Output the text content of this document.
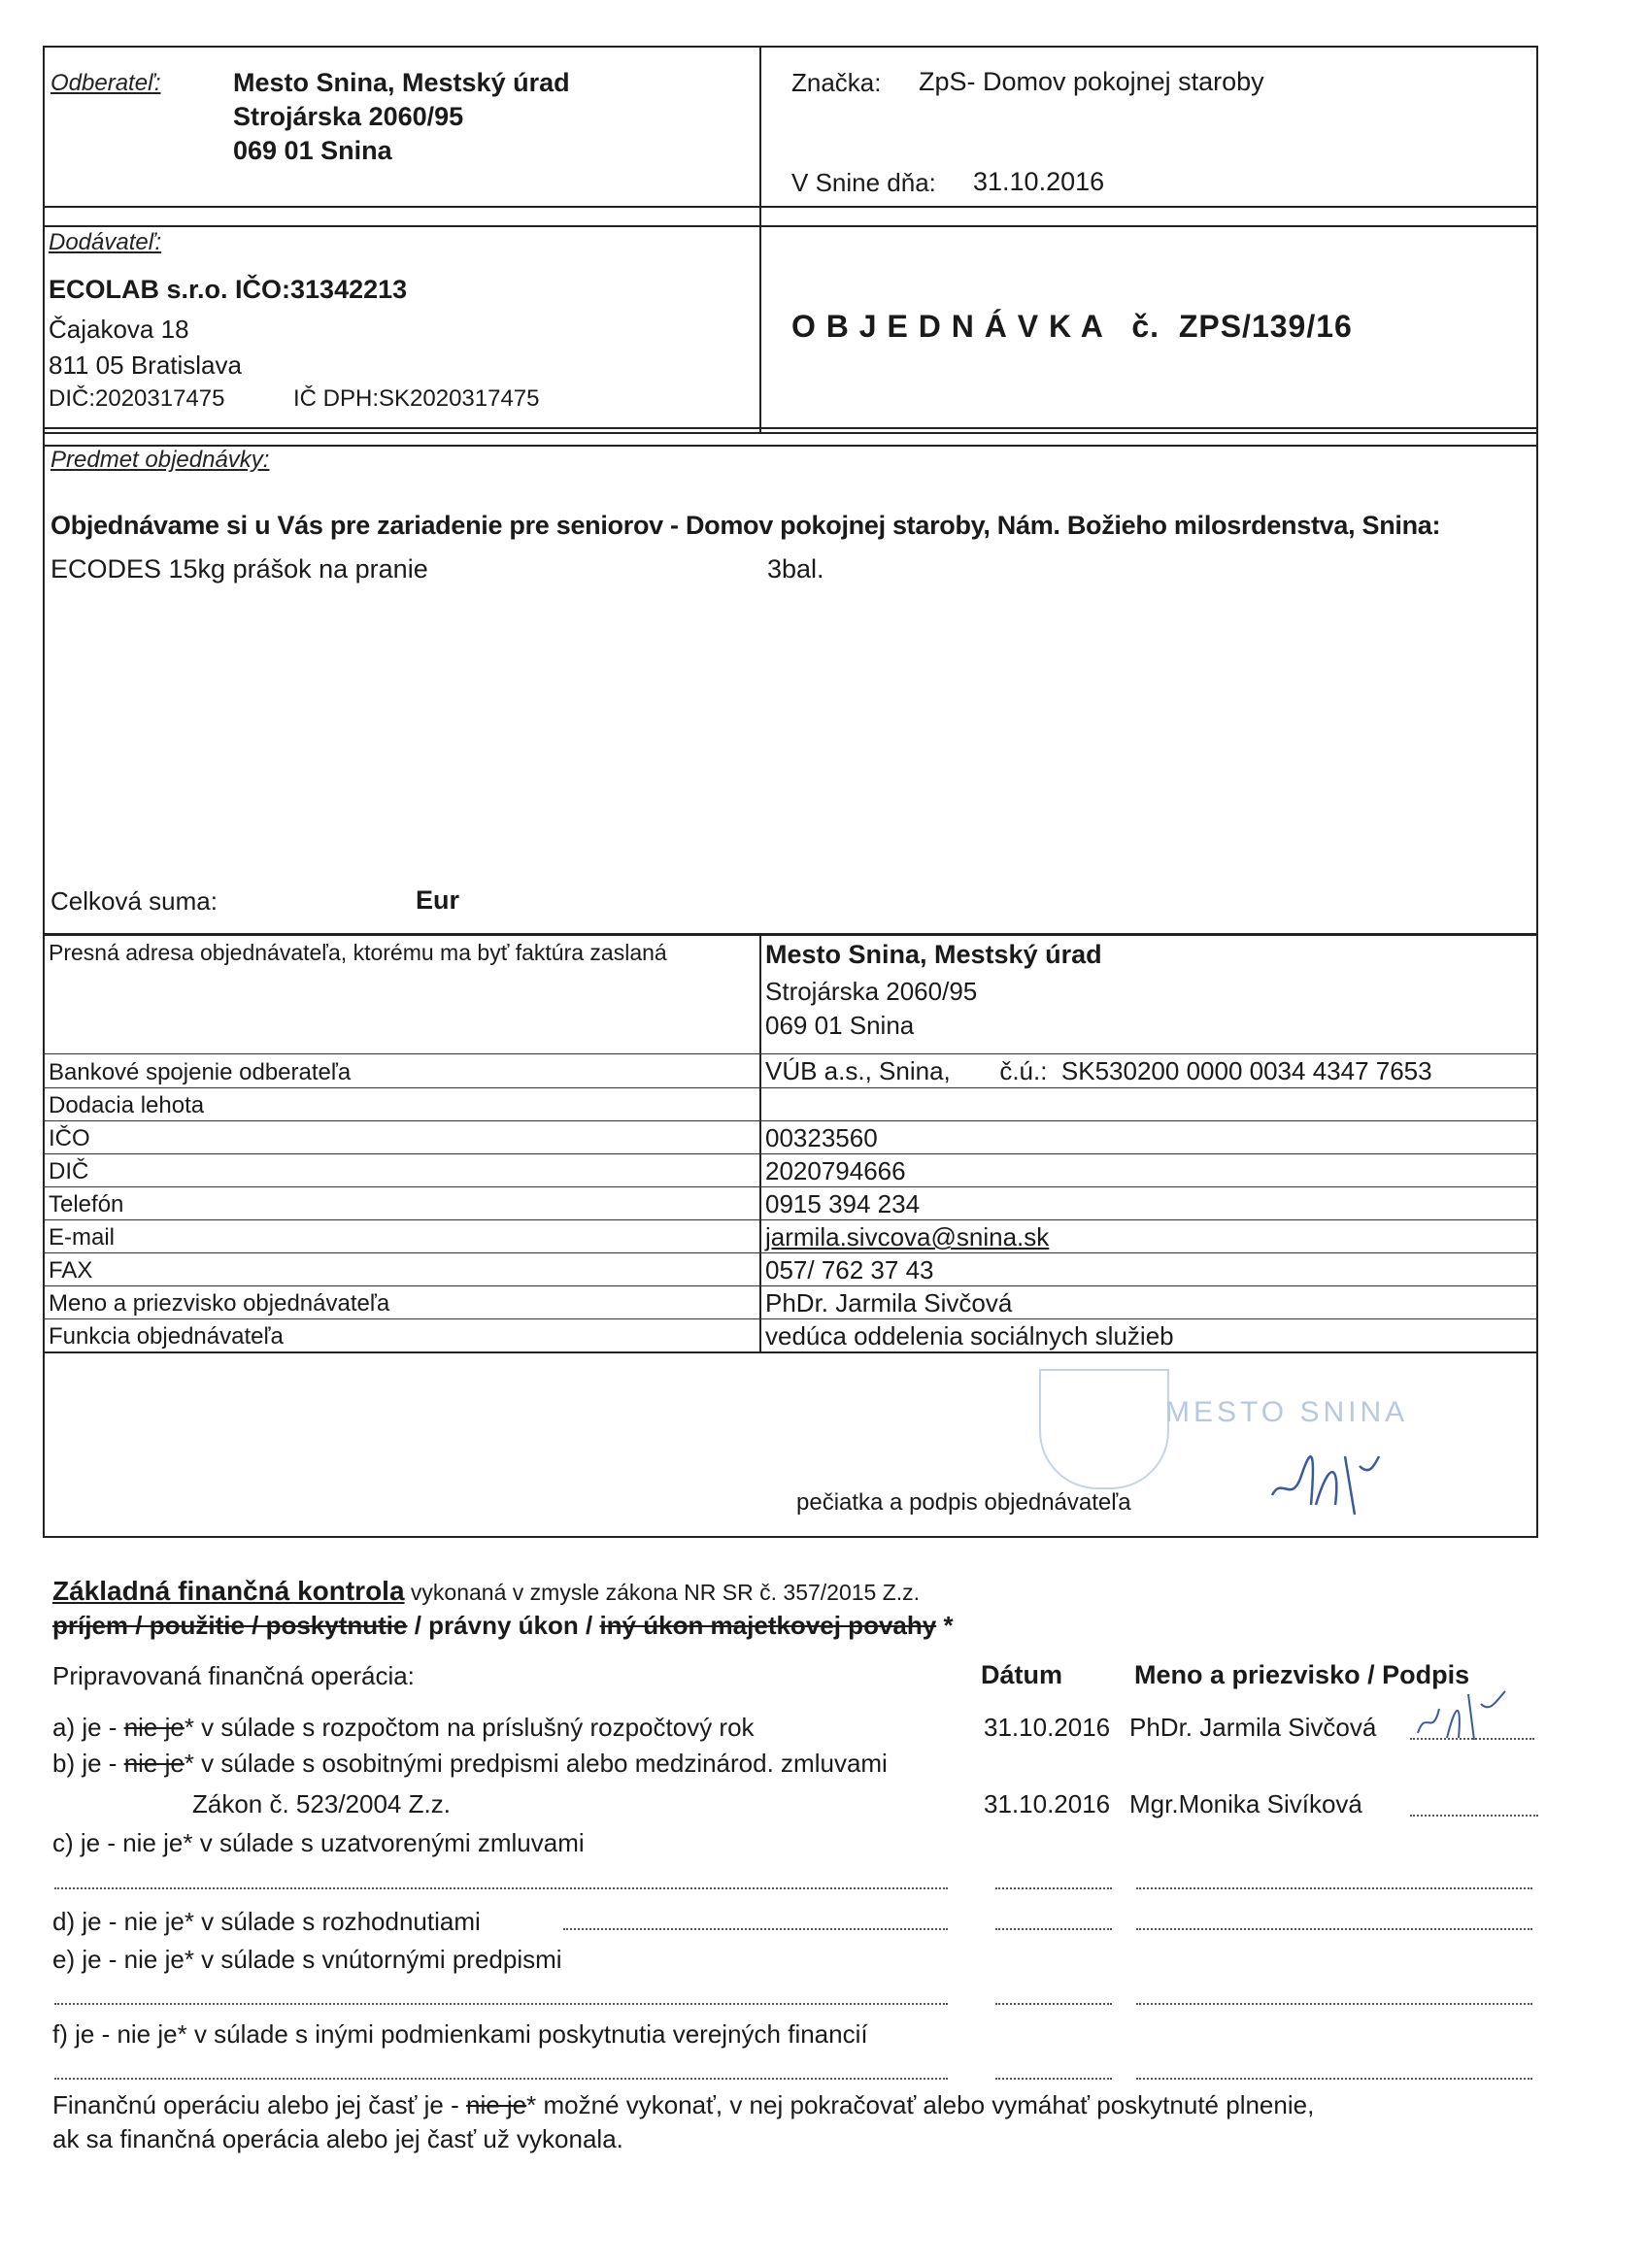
Odberateľ:	Mesto Snina, Mestský úrad
Strojárska 2060/95
069 01 Snina
Značka: ZpS- Domov pokojnej staroby
V Snine dňa: 31.10.2016
Dodávateľ:
ECOLAB s.r.o. IČO:31342213
Čajakova 18
811 05 Bratislava
DIČ:2020317475	IČ DPH:SK2020317475
O B J E D N Á V K A   č.  ZPS/139/16
Predmet objednávky:
Objednávame si u Vás pre zariadenie pre seniorov - Domov pokojnej staroby, Nám. Božieho milosrdenstva, Snina:
ECODES 15kg prášok na pranie	3bal.
Celková suma:	Eur
Presná adresa objednávateľa, ktorému ma byť faktúra zaslaná	Mesto Snina, Mestský úrad
Strojárska 2060/95
069 01 Snina
Bankové spojenie odberateľa	VÚB a.s., Snina,       č.ú.:  SK530200 0000 0034 4347 7653
Dodacia lehota
IČO	00323560
DIČ	2020794666
Telefón	0915 394 234
E-mail	jarmila.sivcova@snina.sk
FAX	057/ 762 37 43
Meno a priezvisko objednávateľa	PhDr. Jarmila Sivčová
Funkcia objednávateľa	vedúca oddelenia sociálnych služieb
MESTO SNINA
pečiatka a podpis objednávateľa
Základná finančná kontrola vykonaná v zmysle zákona NR SR č. 357/2015 Z.z.
príjem / použitie / poskytnutie / právny úkon / iný úkon majetkovej povahy *
Pripravovaná finančná operácia:	Dátum	Meno a priezvisko / Podpis
a) je - nie je* v súlade s rozpočtom na príslušný rozpočtový rok	31.10.2016 PhDr. Jarmila Sivčová
b) je - nie je* v súlade s osobitnými predpismi alebo medzinárod. zmluvami
Zákon č. 523/2004 Z.z.	31.10.2016 Mgr.Monika Sivíková
c) je - nie je* v súlade s uzatvorenými zmluvami
d) je - nie je* v súlade s rozhodnutiami
e) je - nie je* v súlade s vnútornými predpismi
f) je - nie je* v súlade s inými podmienkami poskytnutia verejných financií
Finančnú operáciu alebo jej časť je - nie je* možné vykonať, v nej pokračovať alebo vymáhať poskytnuté plnenie,
ak sa finančná operácia alebo jej časť už vykonala.
